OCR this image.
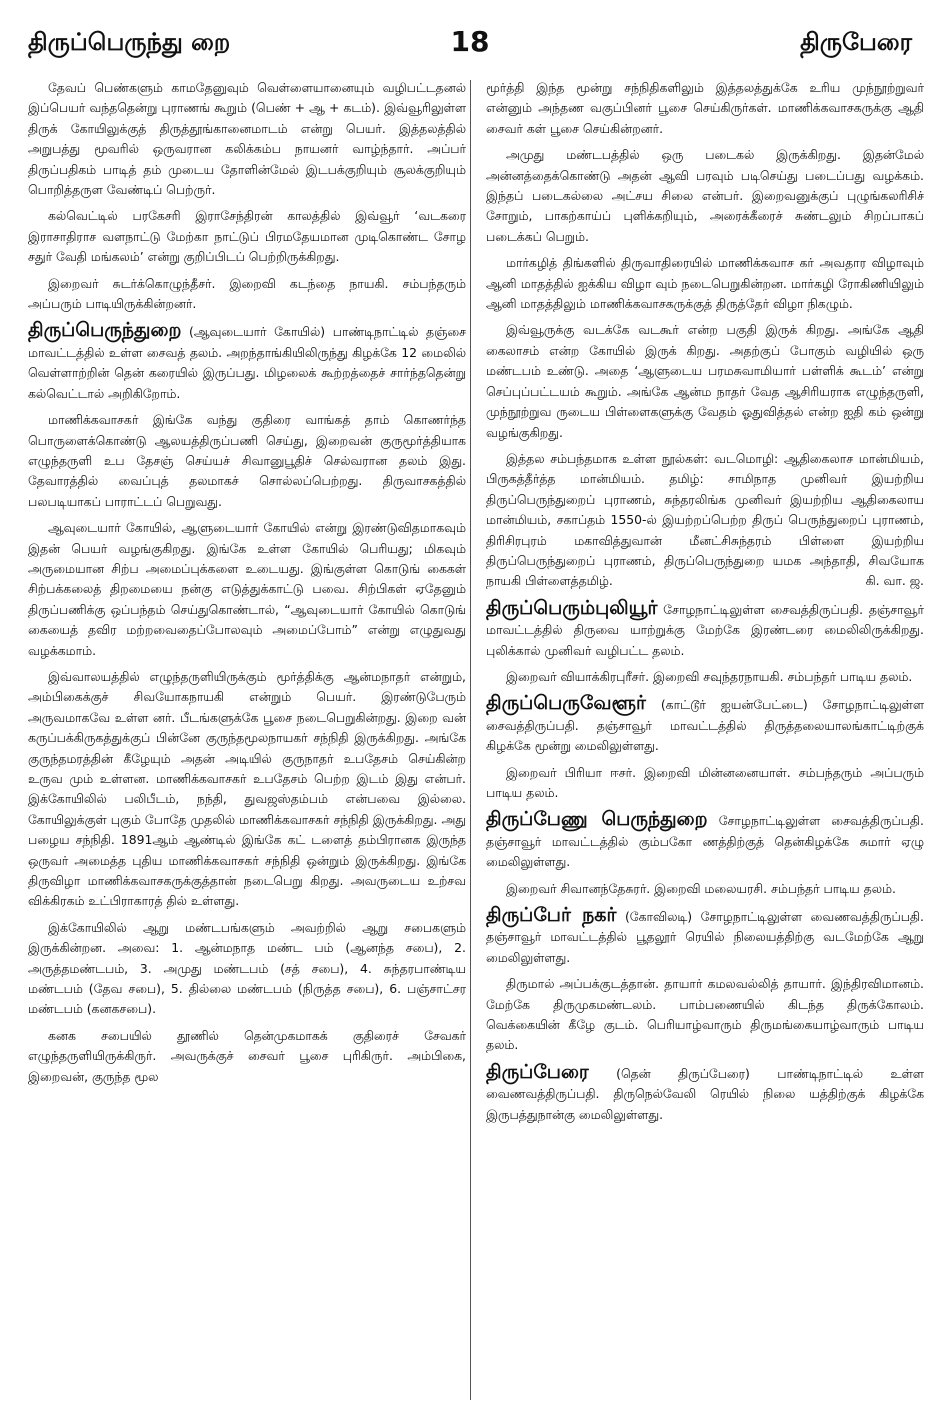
திருப்பெருந்து றை	18	திருபேரை

தேவப் பெண்களும் காமதேனுவும் வெள்ளையானையும் வழிபட்டதனல் இப்பெயர் வந்ததென்று புராணங் கூறும் (பெண் + ஆ + கடம்). இவ்வூரிலுள்ள திருக் கோயிலுக்குத் திருத்தூங்கானைமாடம் என்று பெயர். இத்தலத்தில் அறுபத்து மூவரில் ஒருவரான கலிக்கம்ப நாயனர் வாழ்ந்தார். அப்பர் திருப்பதிகம் பாடித் தம் முடைய தோளின்மேல் இடபக்குறியும் சூலக்குறியும் பொறித்தருள வேண்டிப் பெற்ருர்.

கல்வெட்டில் பரகேசரி இராசேந்திரன் காலத்தில் இவ்வூர் ‘வடகரை இராசாதிராச வளநாட்டு மேற்கா நாட்டுப் பிரமதேயமான முடிகொண்ட சோழ சதுர் வேதி மங்கலம்’ என்று குறிப்பிடப் பெற்றிருக்கிறது.

இறைவர் சுடர்க்கொழுந்தீசர். இறைவி கடந்தை நாயகி. சம்பந்தரும் அப்பரும் பாடியிருக்கின்றனர்.

திருப்பெருந்துறை (ஆவுடையார் கோயில்) பாண்டிநாட்டில் தஞ்சை மாவட்டத்தில் உள்ள சைவத் தலம். அறந்தாங்கியிலிருந்து கிழக்கே 12 மைலில் வெள்ளாற்றின் தென் கரையில் இருப்பது. மிழலைக் கூற்றத்தைச் சார்ந்ததென்று கல்வெட்டால் அறிகிறோம்.

மாணிக்கவாசகர் இங்கே வந்து குதிரை வாங்கத் தாம் கொணர்ந்த பொருளைக்கொண்டு ஆலயத்திருப்பணி செய்து, இறைவன் குருமூர்த்தியாக எழுந்தருளி உப தேசஞ் செய்யச் சிவானுபூதிச் செல்வரான தலம் இது. தேவாரத்தில் வைப்புத் தலமாகச் சொல்லப்பெற்றது. திருவாசகத்தில் பலபடியாகப் பாராட்டப் பெறுவது.

ஆவுடையார் கோயில், ஆளுடையார் கோயில் என்று இரண்டுவிதமாகவும் இதன் பெயர் வழங்குகிறது. இங்கே உள்ள கோயில் பெரியது; மிகவும் அருமையான சிற்ப அமைப்புக்களை உடையது. இங்குள்ள கொடுங் கைகள் சிற்பக்கலைத் திறமையை நன்கு எடுத்துக்காட்டு பவை. சிற்பிகள் ஏதேனும் திருப்பணிக்கு ஒப்பந்தம் செய்துகொண்டால், “ஆவுடையார் கோயில் கொடுங் கையைத் தவிர மற்றவைதைப்போலவும் அமைப்போம்” என்று எழுதுவது வழக்கமாம்.

இவ்வாலயத்தில் எழுந்தருளியிருக்கும் மூர்த்திக்கு ஆன்மநாதர் என்றும், அம்பிகைக்குச் சிவயோகநாயகி என்றும் பெயர். இரண்டுபேரும் அருவமாகவே உள்ள னர். பீடங்களுக்கே பூசை நடைபெறுகின்றது. இறை வன் கருப்பக்கிருகத்துக்குப் பின்னே குருந்தமூலநாயகர் சந்நிதி இருக்கிறது. அங்கே குருந்தமரத்தின் கீழேயும் அதன் அடியில் குருநாதர் உபதேசம் செய்கின்ற உருவ மும் உள்ளன. மாணிக்கவாசகர் உபதேசம் பெற்ற இடம் இது என்பர். இக்கோயிலில் பலிபீடம், நந்தி, துவஜஸ்தம்பம் என்பவை இல்லை. கோயிலுக்குள் புகும் போதே முதலில் மாணிக்கவாசகர் சந்நிதி இருக்கிறது. அது பழைய சந்நிதி. 1891ஆம் ஆண்டில் இங்கே கட் டளைத் தம்பிரானக இருந்த ஒருவர் அமைத்த புதிய மாணிக்கவாசகர் சந்நிதி ஒன்றும் இருக்கிறது. இங்கே திருவிழா மாணிக்கவாசகருக்குத்தான் நடைபெறு கிறது. அவருடைய உற்சவ விக்கிரகம் உட்பிராகாரத் தில் உள்ளது.

இக்கோயிலில் ஆறு மண்டபங்களும் அவற்றில் ஆறு சபைகளும் இருக்கின்றன. அவை: 1. ஆன்மநாத மண்ட பம் (ஆனந்த சபை), 2. அருத்தமண்டபம், 3. அமுது மண்டபம் (சத் சபை), 4. சுந்தரபாண்டிய மண்டபம் (தேவ சபை), 5. தில்லை மண்டபம் (நிருத்த சபை), 6. பஞ்சாட்சர மண்டபம் (கனகசபை).

கனக சபையில் தூணில் தென்முகமாகக் குதிரைச் சேவகர் எழுந்தருளியிருக்கிருர். அவருக்குச் சைவர் பூசை புரிகிருர். அம்பிகை, இறைவன், குருந்த மூல

மூர்த்தி இந்த மூன்று சந்நிதிகளிலும் இத்தலத்துக்கே உரிய முந்நூற்றுவர் என்னும் அந்தண வகுப்பினர் பூசை செய்கிருர்கள். மாணிக்கவாசகருக்கு ஆதி சைவர் கள் பூசை செய்கின்றனர்.

அமுது மண்டபத்தில் ஒரு படைகல் இருக்கிறது. இதன்மேல் அன்னத்தைக்கொண்டு அதன் ஆவி பரவும் படிசெய்து படைப்பது வழக்கம். இந்தப் படைகல்லை அட்சய சிலை என்பர். இறைவனுக்குப் புழுங்கலரிசிச் சோறும், பாகற்காய்ப் புளிக்கறியும், அரைக்கீரைச் சுண்டலும் சிறப்பாகப் படைக்கப் பெறும்.

மார்கழித் திங்களில் திருவாதிரையில் மாணிக்கவாச கர் அவதார விழாவும் ஆனி மாதத்தில் ஐக்கிய விழா வும் நடைபெறுகின்றன. மார்கழி ரோகிணியிலும் ஆனி மாதத்திலும் மாணிக்கவாசகருக்குத் திருத்தேர் விழா நிகழும்.

இவ்வூருக்கு வடக்கே வடகூர் என்ற பகுதி இருக் கிறது. அங்கே ஆதி கைலாசம் என்ற கோயில் இருக் கிறது. அதற்குப் போகும் வழியில் ஒரு மண்டபம் உண்டு. அதை ‘ஆளுடைய பரமசுவாமியார் பள்ளிக் கூடம்’ என்று செப்புப்பட்டயம் கூறும். அங்கே ஆன்ம நாதர் வேத ஆசிரியராக எழுந்தருளி, முந்நூற்றுவ ருடைய பிள்ளைகளுக்கு வேதம் ஓதுவித்தல் என்ற ஐதி கம் ஒன்று வழங்குகிறது.

இத்தல சம்பந்தமாக உள்ள நூல்கள்: வடமொழி: ஆதிகைலாச மான்மியம், பிருகத்தீர்த்த மான்மியம். தமிழ்: சாமிநாத முனிவர் இயற்றிய திருப்பெருந்துறைப் புராணம், சுந்தரலிங்க முனிவர் இயற்றிய ஆதிகைலாய மான்மியம், சகாப்தம் 1550-ல் இயற்றப்பெற்ற திருப் பெருந்துறைப் புராணம், திரிசிரபுரம் மகாவித்துவான் மீனட்சிசுந்தரம் பிள்ளை இயற்றிய திருப்பெருந்துறைப் புராணம், திருப்பெருந்துறை யமக அந்தாதி, சிவயோக நாயகி பிள்ளைத்தமிழ்.	கி. வா. ஜ.

திருப்பெரும்புலியூர் சோழநாட்டிலுள்ள சைவத்திருப்பதி. தஞ்சாவூர் மாவட்டத்தில் திருவை யாற்றுக்கு மேற்கே இரண்டரை மைலிலிருக்கிறது. புலிக்கால் முனிவர் வழிபட்ட தலம்.

இறைவர் வியாக்கிரபுரீசர். இறைவி சவுந்தரநாயகி. சம்பந்தர் பாடிய தலம்.

திருப்பெருவேளூர் (காட்டூர் ஐயன்பேட்டை) சோழநாட்டிலுள்ள சைவத்திருப்பதி. தஞ்சாவூர் மாவட்டத்தில் திருத்தலையாலங்காட்டிற்குக் கிழக்கே மூன்று மைலிலுள்ளது.

இறைவர் பிரியா ஈசர். இறைவி மின்னனையாள். சம்பந்தரும் அப்பரும் பாடிய தலம்.

திருப்பேணு பெருந்துறை சோழநாட்டிலுள்ள சைவத்திருப்பதி. தஞ்சாவூர் மாவட்டத்தில் கும்பகோ ணத்திற்குத் தென்கிழக்கே சுமார் ஏழு மைலிலுள்ளது.

இறைவர் சிவானந்தேசுரர். இறைவி மலையரசி. சம்பந்தர் பாடிய தலம்.

திருப்பேர் நகர் (கோவிலடி) சோழநாட்டிலுள்ள வைணவத்திருப்பதி. தஞ்சாவூர் மாவட்டத்தில் பூதலூர் ரெயில் நிலையத்திற்கு வடமேற்கே ஆறு மைலிலுள்ளது.

திருமால் அப்பக்குடத்தான். தாயார் கமலவல்லித் தாயார். இந்திரவிமானம். மேற்கே திருமுகமண்டலம். பாம்பணையில் கிடந்த திருக்கோலம். வெக்கையின் கீழே குடம். பெரியாழ்வாரும் திருமங்கையாழ்வாரும் பாடிய தலம்.

திருப்பேரை (தென் திருப்பேரை) பாண்டிநாட்டில் உள்ள வைணவத்திருப்பதி. திருநெல்வேலி ரெயில் நிலை யத்திற்குக் கிழக்கே இருபத்துநான்கு மைலிலுள்ளது.
